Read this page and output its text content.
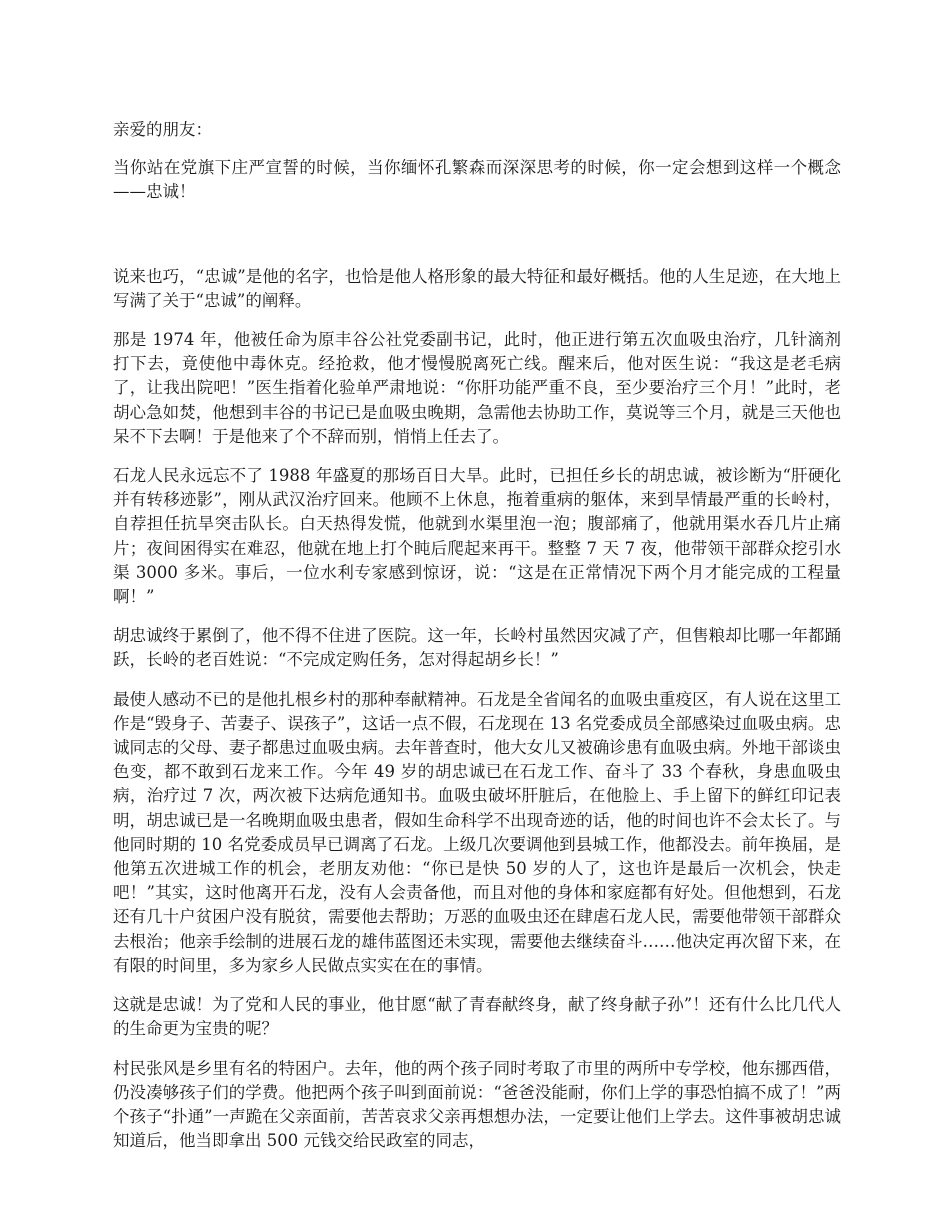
亲爱的朋友：

当你站在党旗下庄严宣誓的时候，当你缅怀孔繁森而深深思考的时候，你一定会想到这样一个概念——忠诚！

说来也巧，“忠诚”是他的名字，也恰是他人格形象的最大特征和最好概括。他的人生足迹，在大地上写满了关于“忠诚”的阐释。

那是 1974 年，他被任命为原丰谷公社党委副书记，此时，他正进行第五次血吸虫治疗，几针滴剂打下去，竟使他中毒休克。经抢救，他才慢慢脱离死亡线。醒来后，他对医生说：“我这是老毛病了，让我出院吧！”医生指着化验单严肃地说：“你肝功能严重不良，至少要治疗三个月！”此时，老胡心急如焚，他想到丰谷的书记已是血吸虫晚期，急需他去协助工作，莫说等三个月，就是三天他也呆不下去啊！于是他来了个不辞而别，悄悄上任去了。

石龙人民永远忘不了 1988 年盛夏的那场百日大旱。此时，已担任乡长的胡忠诚，被诊断为“肝硬化并有转移迹影”，刚从武汉治疗回来。他顾不上休息，拖着重病的躯体，来到旱情最严重的长岭村，自荐担任抗旱突击队长。白天热得发慌，他就到水渠里泡一泡；腹部痛了，他就用渠水吞几片止痛片；夜间困得实在难忍，他就在地上打个盹后爬起来再干。整整 7 天 7 夜，他带领干部群众挖引水渠 3000 多米。事后，一位水利专家感到惊讶，说：“这是在正常情况下两个月才能完成的工程量啊！”

胡忠诚终于累倒了，他不得不住进了医院。这一年，长岭村虽然因灾减了产，但售粮却比哪一年都踊跃，长岭的老百姓说：“不完成定购任务，怎对得起胡乡长！”

最使人感动不已的是他扎根乡村的那种奉献精神。石龙是全省闻名的血吸虫重疫区，有人说在这里工作是“毁身子、苦妻子、误孩子”，这话一点不假，石龙现在 13 名党委成员全部感染过血吸虫病。忠诚同志的父母、妻子都患过血吸虫病。去年普查时，他大女儿又被确诊患有血吸虫病。外地干部谈虫色变，都不敢到石龙来工作。今年 49 岁的胡忠诚已在石龙工作、奋斗了 33 个春秋，身患血吸虫病，治疗过 7 次，两次被下达病危通知书。血吸虫破坏肝脏后，在他脸上、手上留下的鲜红印记表明，胡忠诚已是一名晚期血吸虫患者，假如生命科学不出现奇迹的话，他的时间也许不会太长了。与他同时期的 10 名党委成员早已调离了石龙。上级几次要调他到县城工作，他都没去。前年换届，是他第五次进城工作的机会，老朋友劝他：“你已是快 50 岁的人了，这也许是最后一次机会，快走吧！”其实，这时他离开石龙，没有人会责备他，而且对他的身体和家庭都有好处。但他想到，石龙还有几十户贫困户没有脱贫，需要他去帮助；万恶的血吸虫还在肆虐石龙人民，需要他带领干部群众去根治；他亲手绘制的进展石龙的雄伟蓝图还未实现，需要他去继续奋斗……他决定再次留下来，在有限的时间里，多为家乡人民做点实实在在的事情。

这就是忠诚！为了党和人民的事业，他甘愿“献了青春献终身，献了终身献子孙”！还有什么比几代人的生命更为宝贵的呢？

村民张风是乡里有名的特困户。去年，他的两个孩子同时考取了市里的两所中专学校，他东挪西借，仍没凑够孩子们的学费。他把两个孩子叫到面前说：“爸爸没能耐，你们上学的事恐怕搞不成了！”两个孩子“扑通”一声跪在父亲面前，苦苦哀求父亲再想想办法，一定要让他们上学去。这件事被胡忠诚知道后，他当即拿出 500 元钱交给民政室的同志，
